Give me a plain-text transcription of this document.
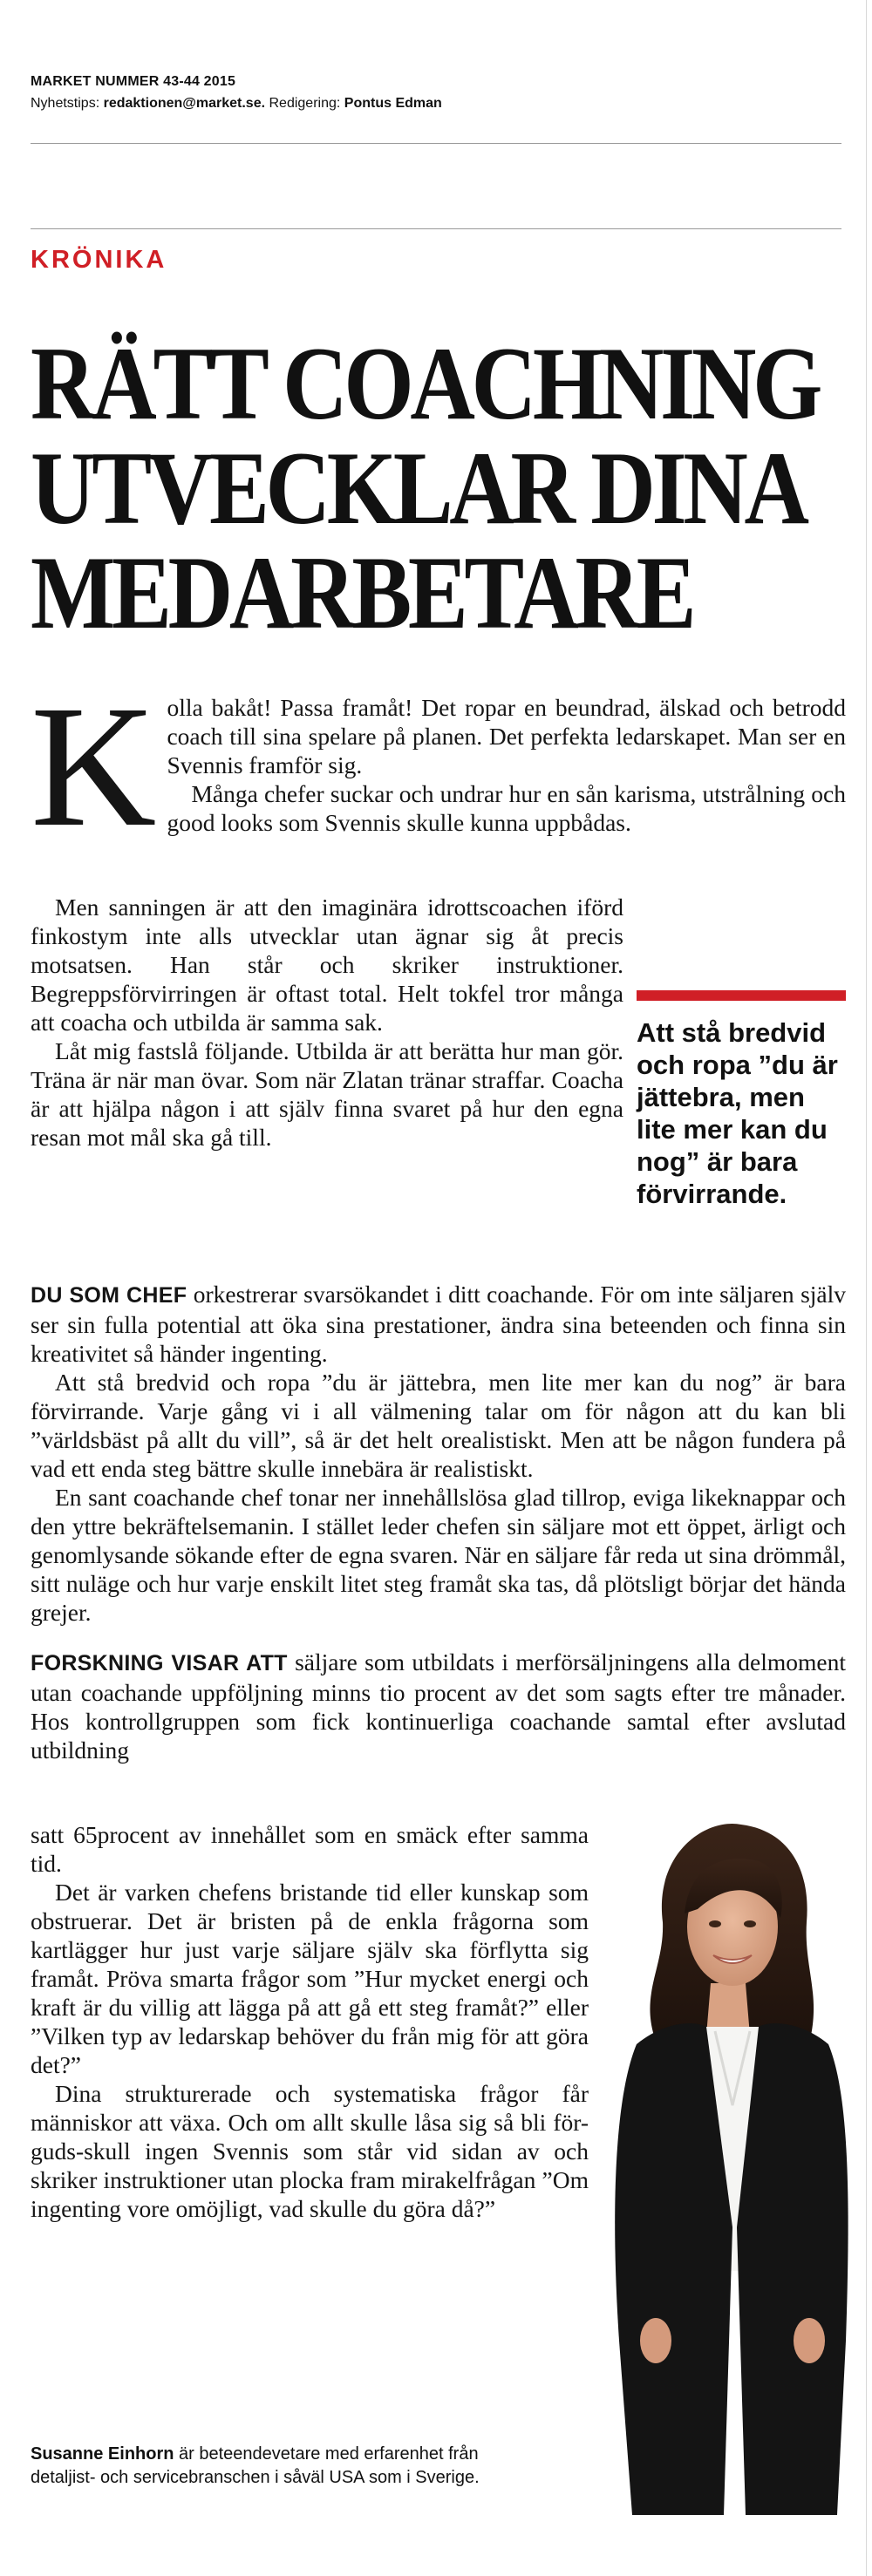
MARKET NUMMER 43-44 2015
Nyhetstips: redaktionen@market.se. Redigering: Pontus Edman
KRÖNIKA
RÄTT COACHNING
UTVECKLAR DINA
MEDARBETARE
K olla bakåt! Passa framåt! Det ropar en beundrad, älskad och betrodd coach till sina spelare på planen. Det perfekta ledarskapet. Man ser en Svennis framför sig.

Många chefer suckar och undrar hur en sån karisma, utstrålning och good looks som Svennis skulle kunna uppbådas.

Men sanningen är att den imaginära idrottscoachen iförd finkostym inte alls utvecklar utan ägnar sig åt precis motsatsen. Han står och skriker instruktioner. Begreppsförvirringen är oftast total. Helt tokfel tror många att coacha och utbilda är samma sak.

Låt mig fastslå följande. Utbilda är att berätta hur man gör. Träna är när man övar. Som när Zlatan tränar straffar. Coacha är att hjälpa någon i att själv finna svaret på hur den egna resan mot mål ska gå till.

Att stå bredvid och ropa ”du är jättebra, men lite mer kan du nog” är bara förvirrande.

DU SOM CHEF orkestrerar svarsökandet i ditt coachande. För om inte säljaren själv ser sin fulla potential att öka sina prestationer, ändra sina beteenden och finna sin kreativitet så händer ingenting.

Att stå bredvid och ropa ”du är jättebra, men lite mer kan du nog” är bara förvirrande. Varje gång vi i all välmening talar om för någon att du kan bli ”världsbäst på allt du vill”, så är det helt orealistiskt. Men att be någon fundera på vad ett enda steg bättre skulle innebära är realistiskt.

En sant coachande chef tonar ner innehållslösa glad tillrop, eviga likeknappar och den yttre bekräftelsemanin. I stället leder chefen sin säljare mot ett öppet, ärligt och genomlysande sökande efter de egna svaren. När en säljare får reda ut sina drömmål, sitt nuläge och hur varje enskilt litet steg framåt ska tas, då plötsligt börjar det hända grejer.

FORSKNING VISAR ATT säljare som utbildats i merförsäljningens alla delmoment utan coachande uppföljning minns tio procent av det som sagts efter tre månader. Hos kontrollgruppen som fick kontinuerliga coachande samtal efter avslutad utbildning

satt 65procent av innehållet som en smäck efter samma tid.

Det är varken chefens bristande tid eller kunskap som obstruerar. Det är bristen på de enkla frågorna som kartlägger hur just varje säljare själv ska förflytta sig framåt. Pröva smarta frågor som ”Hur mycket energi och kraft är du villig att lägga på att gå ett steg framåt?” eller ”Vilken typ av ledarskap behöver du från mig för att göra det?”

Dina strukturerade och systematiska frågor får människor att växa. Och om allt skulle låsa sig så bli för-guds-skull ingen Svennis som står vid sidan av och skriker instruktioner utan plocka fram mirakelfrågan ”Om ingenting vore omöjligt, vad skulle du göra då?”

Susanne Einhorn är beteendevetare med erfarenhet från detaljist- och servicebranschen i såväl USA som i Sverige.
